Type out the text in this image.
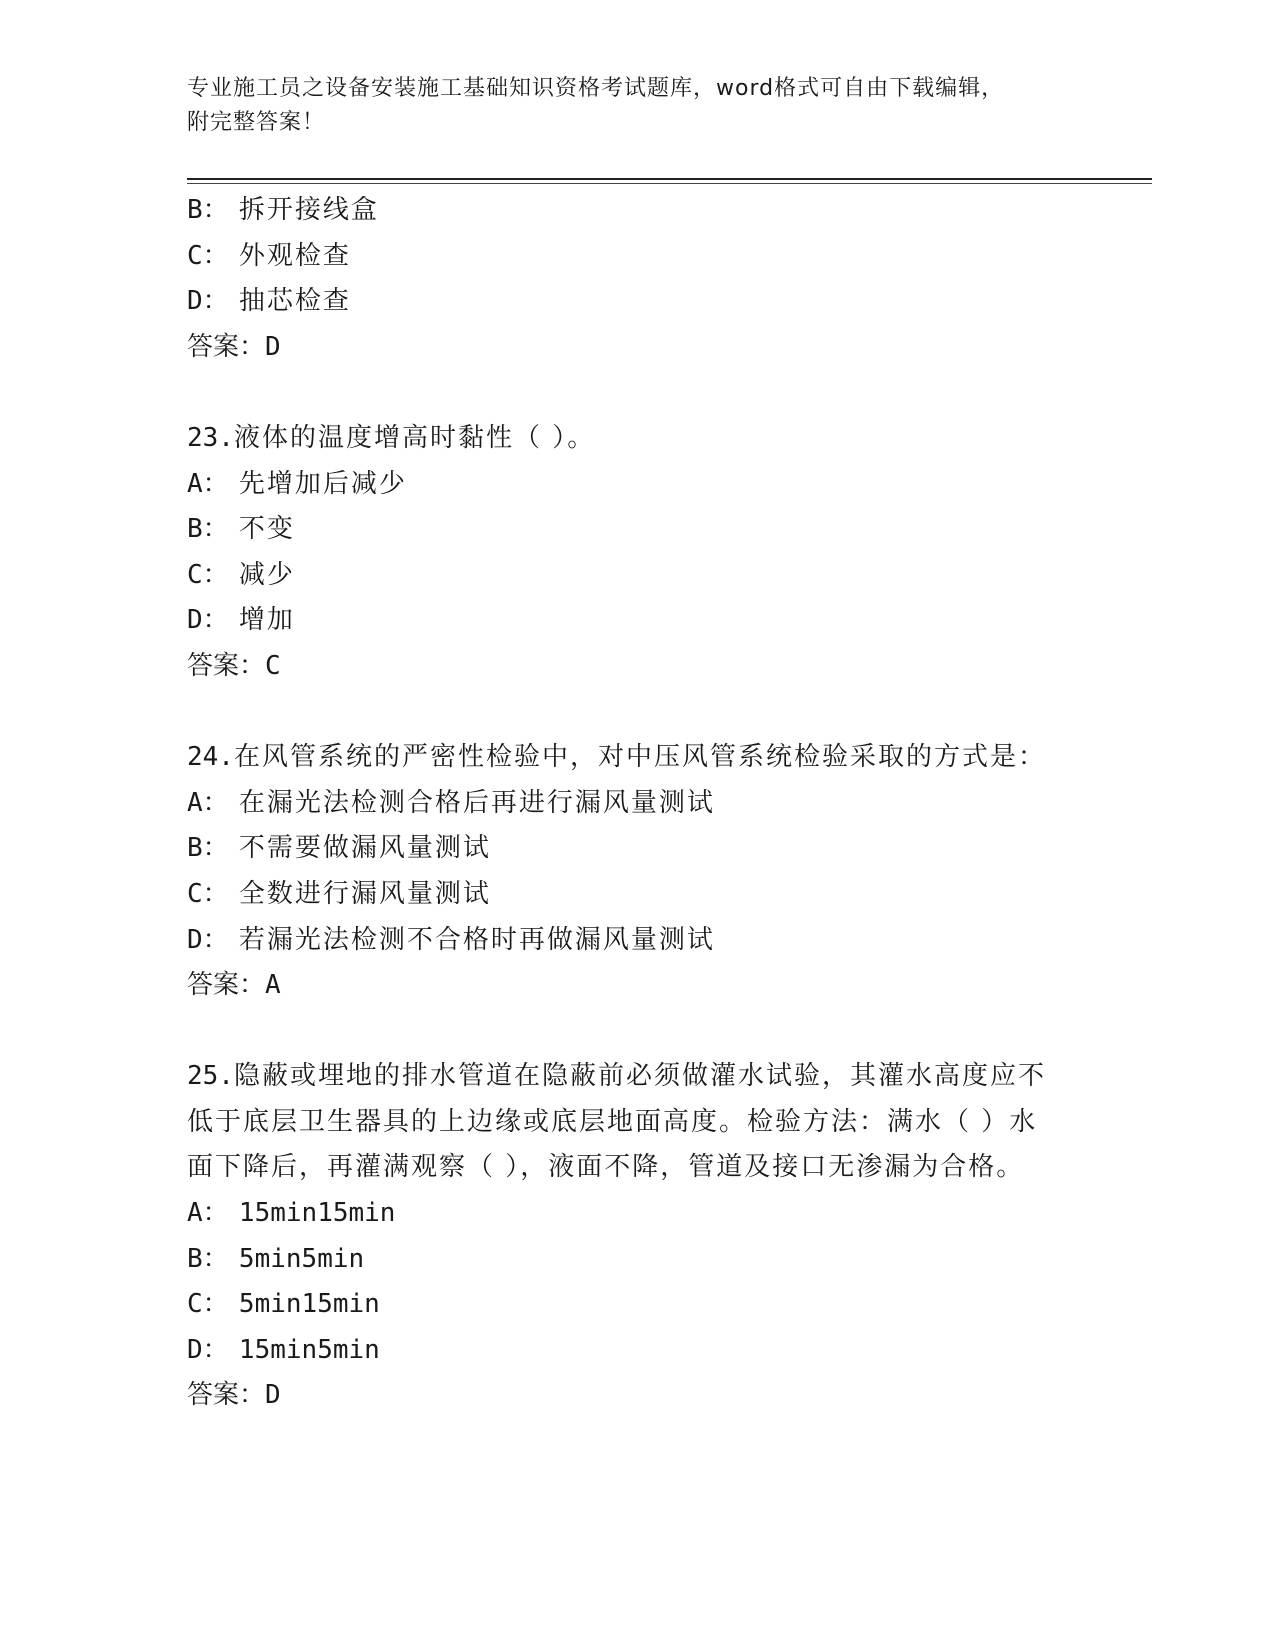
专业施工员之设备安装施工基础知识资格考试题库，word格式可自由下载编辑，
附完整答案！
B： 拆开接线盒
C： 外观检查
D： 抽芯检查
答案：D
23.液体的温度增高时黏性（ ）。
A： 先增加后减少
B： 不变
C： 减少
D： 增加
答案：C
24.在风管系统的严密性检验中，对中压风管系统检验采取的方式是：
A： 在漏光法检测合格后再进行漏风量测试
B： 不需要做漏风量测试
C： 全数进行漏风量测试
D： 若漏光法检测不合格时再做漏风量测试
答案：A
25.隐蔽或埋地的排水管道在隐蔽前必须做灌水试验，其灌水高度应不
低于底层卫生器具的上边缘或底层地面高度。检验方法：满水（ ）水
面下降后，再灌满观察（ ），液面不降，管道及接口无渗漏为合格。
A： 15min15min
B： 5min5min
C： 5min15min
D： 15min5min
答案：D
